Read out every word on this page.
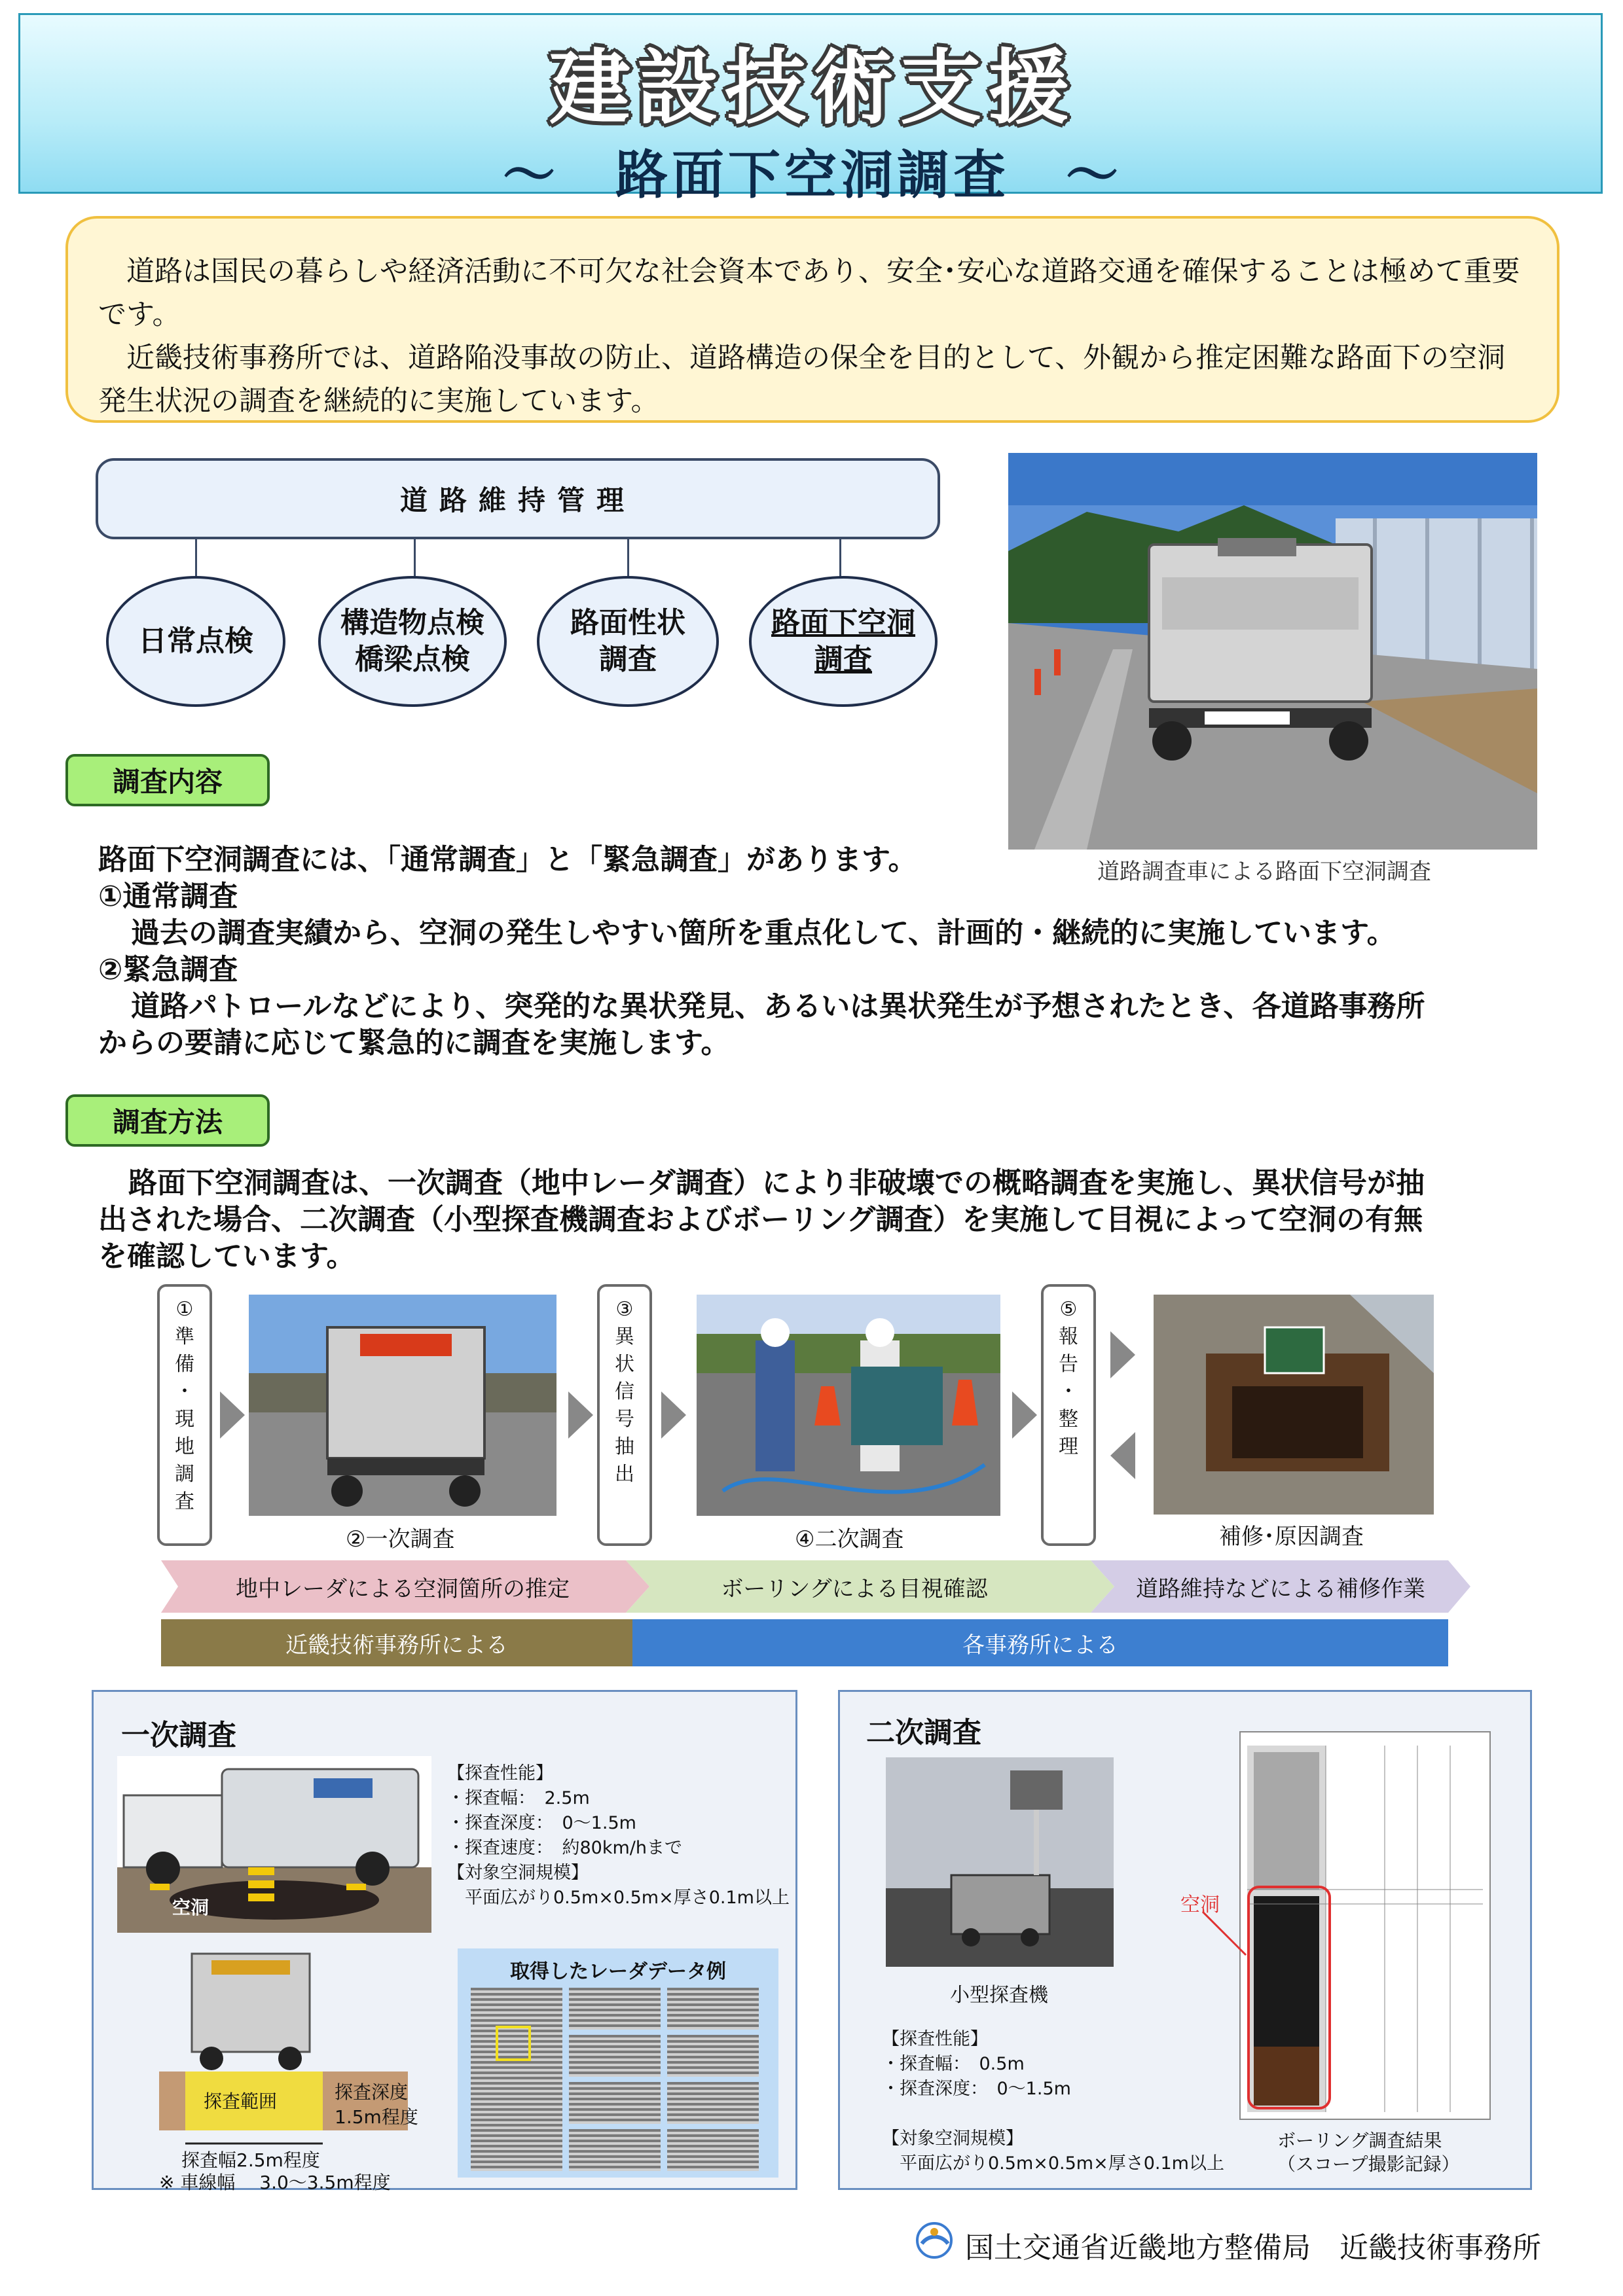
建設技術支援
～　路面下空洞調査　～

道路は国民の暮らしや経済活動に不可欠な社会資本であり、安全･安心な道路交通を確保することは極めて重要です。

近畿技術事務所では、道路陥没事故の防止、道路構造の保全を目的として、外観から推定困難な路面下の空洞発生状況の調査を継続的に実施しています。

道路維持管理
日常点検
構造物点検
橋梁点検
路面性状
調査
路面下空洞
調査
道路調査車による路面下空洞調査
調査内容
路面下空洞調査には、「通常調査」と「緊急調査」があります。
①通常調査
過去の調査実績から、空洞の発生しやすい箇所を重点化して、計画的・継続的に実施しています。
②緊急調査
道路パトロールなどにより、突発的な異状発見、あるいは異状発生が予想されたとき、各道路事務所
からの要請に応じて緊急的に調査を実施します。
調査方法
路面下空洞調査は、一次調査（地中レーダ調査）により非破壊での概略調査を実施し、異状信号が抽
出された場合、二次調査（小型探査機調査およびボーリング調査）を実施して目視によって空洞の有無
を確認しています。
①
準
備
・
現
地
調
査
②一次調査
③
異
状
信
号
抽
出
④二次調査
⑤
報
告
・
整
理
補修･原因調査
地中レーダによる空洞箇所の推定	ボーリングによる目視確認	道路維持などによる補修作業
近畿技術事務所による	各事務所による
一次調査
空洞
【探査性能】
・探査幅：　2.5m
・探査深度：　0～1.5m
・探査速度：　約80km/hまで
【対象空洞規模】
　平面広がり0.5m×0.5m×厚さ0.1m以上
探査範囲	探査深度
1.5m程度
探査幅2.5m程度
※ 車線幅　 3.0～3.5m程度
取得したレーダデータ例
二次調査
小型探査機
【探査性能】
・探査幅：　0.5m
・探査深度：　0～1.5m

【対象空洞規模】
　平面広がり0.5m×0.5m×厚さ0.1m以上
空洞
ボーリング調査結果
（スコープ撮影記録）
国土交通省近畿地方整備局　近畿技術事務所
